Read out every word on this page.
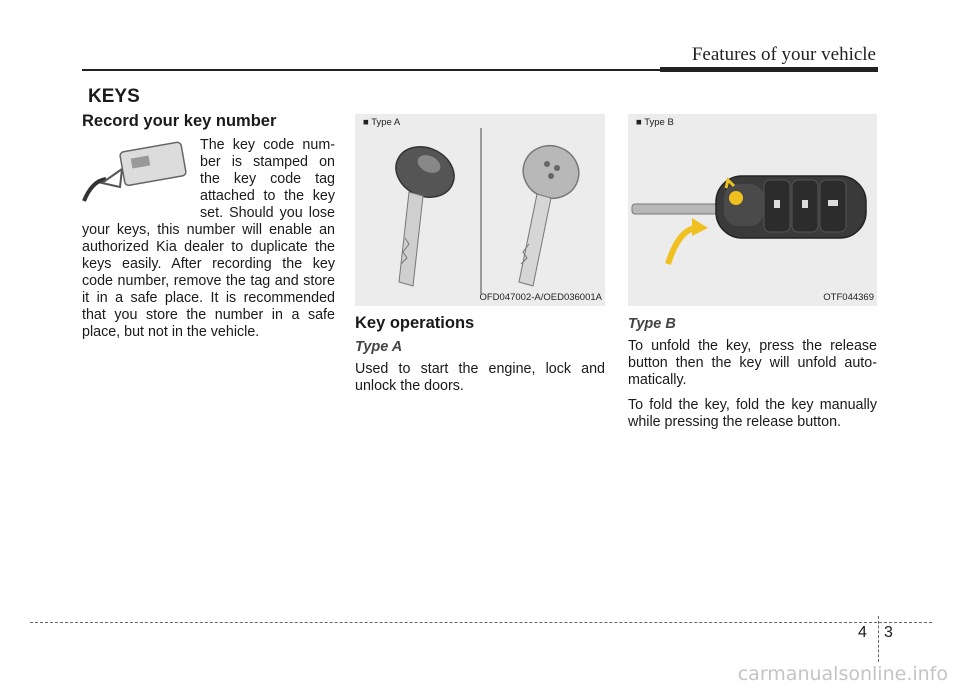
Features of your vehicle
KEYS
Record your key number

The key code num- ber is stamped on the key code tag attached to the key set. Should you lose your keys, this number will enable an authorized Kia dealer to duplicate the keys easily. After recording the key code number, remove the tag and store it in a safe place. It is recommended that you store the number in a safe place, but not in the vehicle.

■ Type A
OFD047002-A/OED036001A
■ Type B
OTF044369
Key operations
Type A

Used to start the engine, lock and unlock the doors.

Type B

To unfold the key, press the release button then the key will unfold auto- matically.

To fold the key, fold the key manually while pressing the release button.

4 3
carmanualsonline.info
